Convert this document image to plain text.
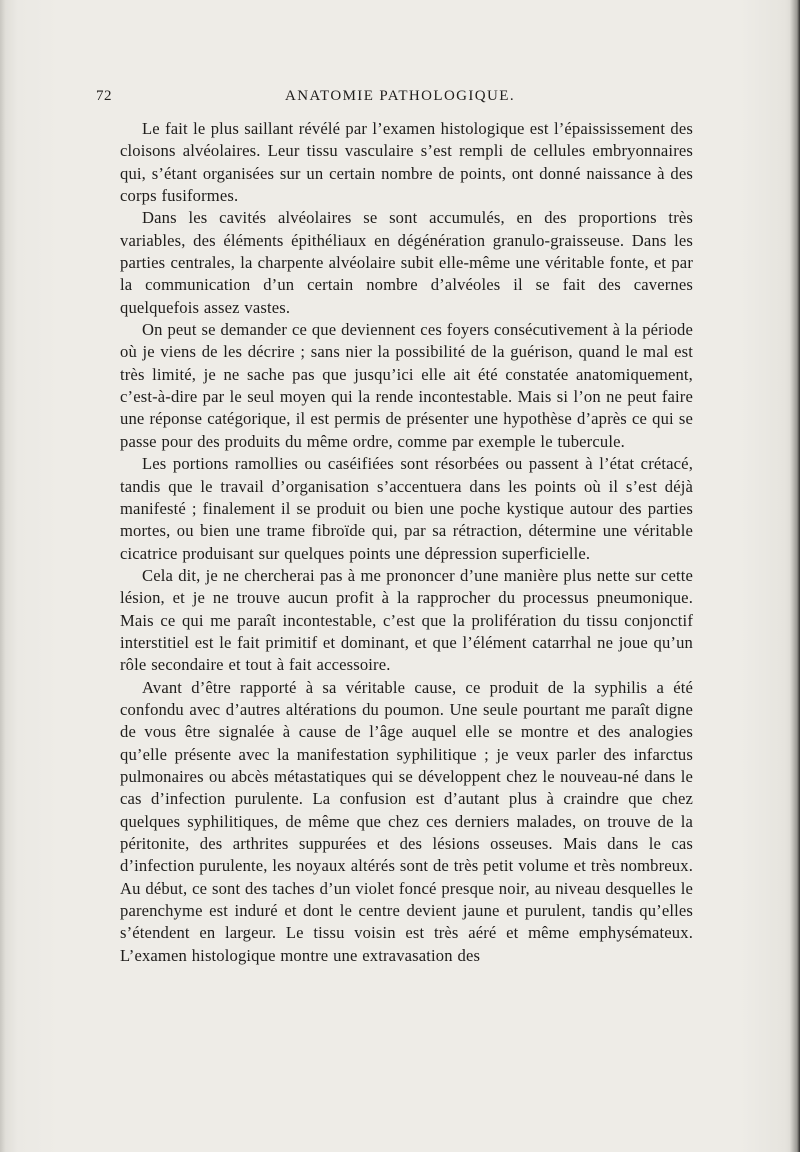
72	ANATOMIE PATHOLOGIQUE.

Le fait le plus saillant révélé par l’examen histologique est l’épaississement des cloisons alvéolaires. Leur tissu vasculaire s’est rempli de cellules embryonnaires qui, s’étant organisées sur un certain nombre de points, ont donné naissance à des corps fusiformes.

Dans les cavités alvéolaires se sont accumulés, en des proportions très variables, des éléments épithéliaux en dégénération granulo-graisseuse. Dans les parties centrales, la charpente alvéolaire subit elle-même une véritable fonte, et par la communication d’un certain nombre d’alvéoles il se fait des cavernes quelquefois assez vastes.

On peut se demander ce que deviennent ces foyers consécutivement à la période où je viens de les décrire ; sans nier la possibilité de la guérison, quand le mal est très limité, je ne sache pas que jusqu’ici elle ait été constatée anatomiquement, c’est-à-dire par le seul moyen qui la rende incontestable. Mais si l’on ne peut faire une réponse catégorique, il est permis de présenter une hypothèse d’après ce qui se passe pour des produits du même ordre, comme par exemple le tubercule.

Les portions ramollies ou caséifiées sont résorbées ou passent à l’état crétacé, tandis que le travail d’organisation s’accentuera dans les points où il s’est déjà manifesté ; finalement il se produit ou bien une poche kystique autour des parties mortes, ou bien une trame fibroïde qui, par sa rétraction, détermine une véritable cicatrice produisant sur quelques points une dépression superficielle.

Cela dit, je ne chercherai pas à me prononcer d’une manière plus nette sur cette lésion, et je ne trouve aucun profit à la rapprocher du processus pneumonique. Mais ce qui me paraît incontestable, c’est que la prolifération du tissu conjonctif interstitiel est le fait primitif et dominant, et que l’élément catarrhal ne joue qu’un rôle secondaire et tout à fait accessoire.

Avant d’être rapporté à sa véritable cause, ce produit de la syphilis a été confondu avec d’autres altérations du poumon. Une seule pourtant me paraît digne de vous être signalée à cause de l’âge auquel elle se montre et des analogies qu’elle présente avec la manifestation syphilitique ; je veux parler des infarctus pulmonaires ou abcès métastatiques qui se développent chez le nouveau-né dans le cas d’infection purulente. La confusion est d’autant plus à craindre que chez quelques syphilitiques, de même que chez ces derniers malades, on trouve de la péritonite, des arthrites suppurées et des lésions osseuses. Mais dans le cas d’infection purulente, les noyaux altérés sont de très petit volume et très nombreux. Au début, ce sont des taches d’un violet foncé presque noir, au niveau desquelles le parenchyme est induré et dont le centre devient jaune et purulent, tandis qu’elles s’étendent en largeur. Le tissu voisin est très aéré et même emphysémateux. L’examen histologique montre une extravasation des
